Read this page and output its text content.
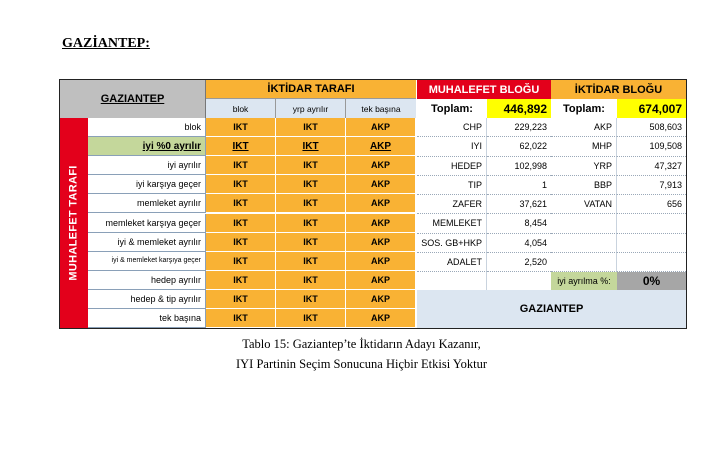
GAZİANTEP:
GAZIANTEP
İKTİDAR TARAFI
blok	yrp ayrılır	tek başına
MUHALEFET BLOĞU
Toplam:	446,892
İKTİDAR BLOĞU
Toplam:	674,007
MUHALEFET TARAFI
blok	IKT	IKT	AKP
iyi %0 ayrılır	IKT	IKT	AKP
iyi ayrılır	IKT	IKT	AKP
iyi karşıya geçer	IKT	IKT	AKP
memleket ayrılır	IKT	IKT	AKP
memleket karşıya geçer	IKT	IKT	AKP
iyi & memleket ayrılır	IKT	IKT	AKP
iyi & memleket karşıya geçer	IKT	IKT	AKP
hedep ayrılır	IKT	IKT	AKP
hedep & tip ayrılır	IKT	IKT	AKP
tek başına	IKT	IKT	AKP
CHP	229,223
IYI	62,022
HEDEP	102,998
TIP	1
ZAFER	37,621
MEMLEKET	8,454
SOS. GB+HKP	4,054
ADALET	2,520
AKP	508,603
MHP	109,508
YRP	47,327
BBP	7,913
VATAN	656
iyi ayrılma %:	0%
GAZIANTEP
Tablo 15: Gaziantep’te İktidarın Adayı Kazanır,
IYI Partinin Seçim Sonucuna Hiçbir Etkisi Yoktur
